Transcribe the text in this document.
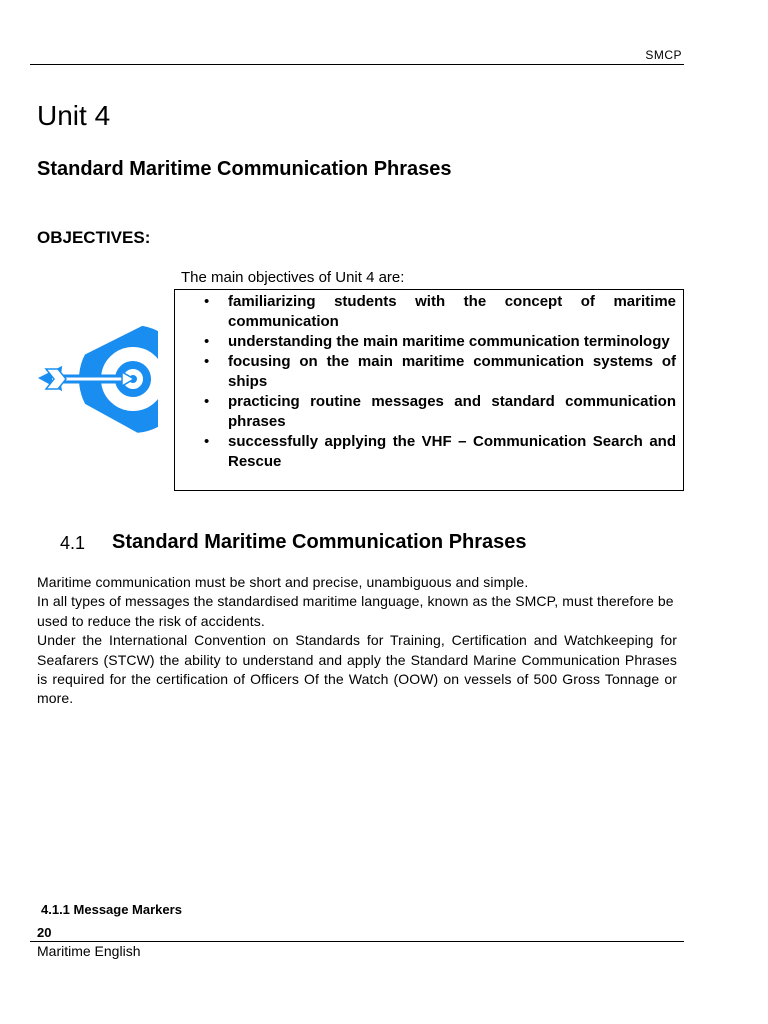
SMCP
Unit 4
Standard Maritime Communication Phrases
OBJECTIVES:
The main objectives of Unit 4 are:
• familiarizing students with the concept of maritime communication
• understanding the main maritime communication terminology
• focusing on the main maritime communication systems of ships
• practicing routine messages and standard communication phrases
• successfully applying the VHF – Communication Search and Rescue
4.1 Standard Maritime Communication Phrases

Maritime communication must be short and precise, unambiguous and simple.

In all types of messages the standardised maritime language, known as the SMCP, must therefore be

used to reduce the risk of accidents.

Under the International Convention on Standards for Training, Certification and Watchkeeping for Seafarers (STCW) the ability to understand and apply the Standard Marine Communication Phrases is required for the certification of Officers Of the Watch (OOW) on vessels of 500 Gross Tonnage or more.

4.1.1 Message Markers
20
Maritime English
